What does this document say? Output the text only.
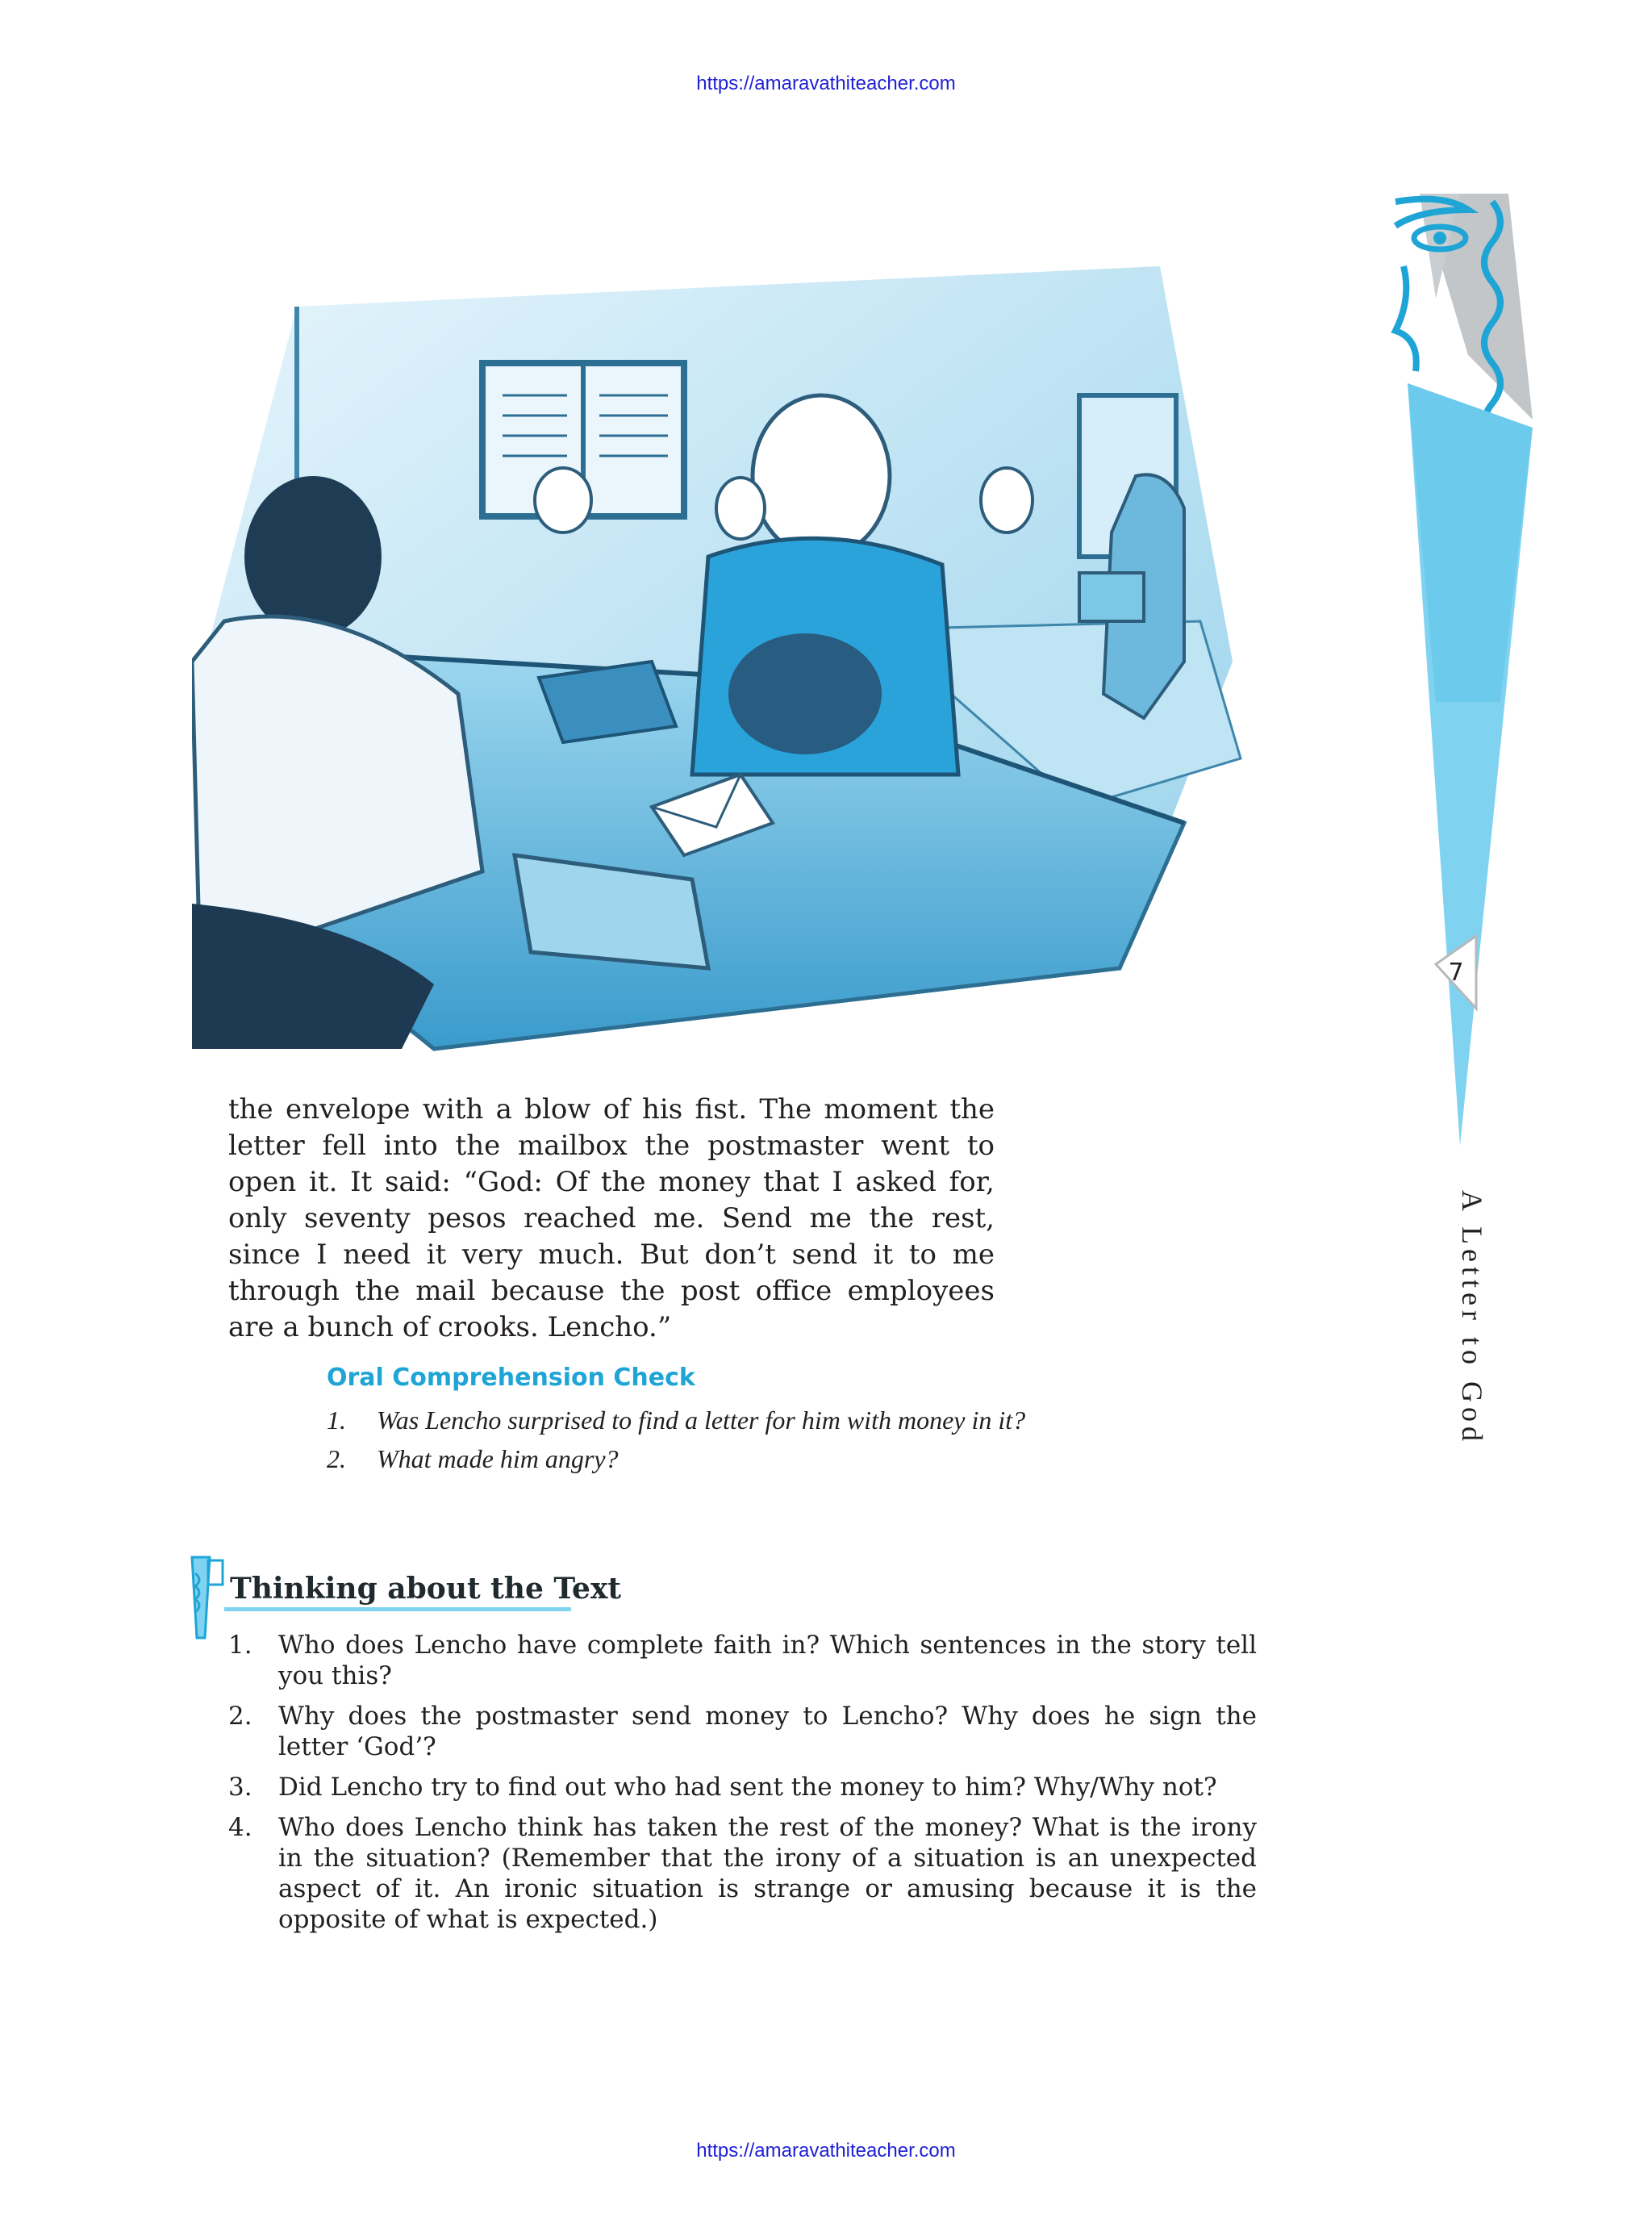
https://amaravathiteacher.com
7
A Letter to God

the envelope with a blow of his fist. The moment the letter fell into the mailbox the postmaster went to open it. It said: “God: Of the money that I asked for, only seventy pesos reached me. Send me the rest, since I need it very much. But don’t send it to me through the mail because the post office employees are a bunch of crooks. Lencho.”

Oral Comprehension Check
1.	Was Lencho surprised to find a letter for him with money in it?
2.	What made him angry?
Thinking about the Text
1.	Who does Lencho have complete faith in? Which sentences in the story tell you this?
2.	Why does the postmaster send money to Lencho? Why does he sign the letter ‘God’?
3.	Did Lencho try to find out who had sent the money to him? Why/Why not?
4.	Who does Lencho think has taken the rest of the money? What is the irony in the situation? (Remember that the irony of a situation is an unexpected aspect of it. An ironic situation is strange or amusing because it is the opposite of what is expected.)
https://amaravathiteacher.com
